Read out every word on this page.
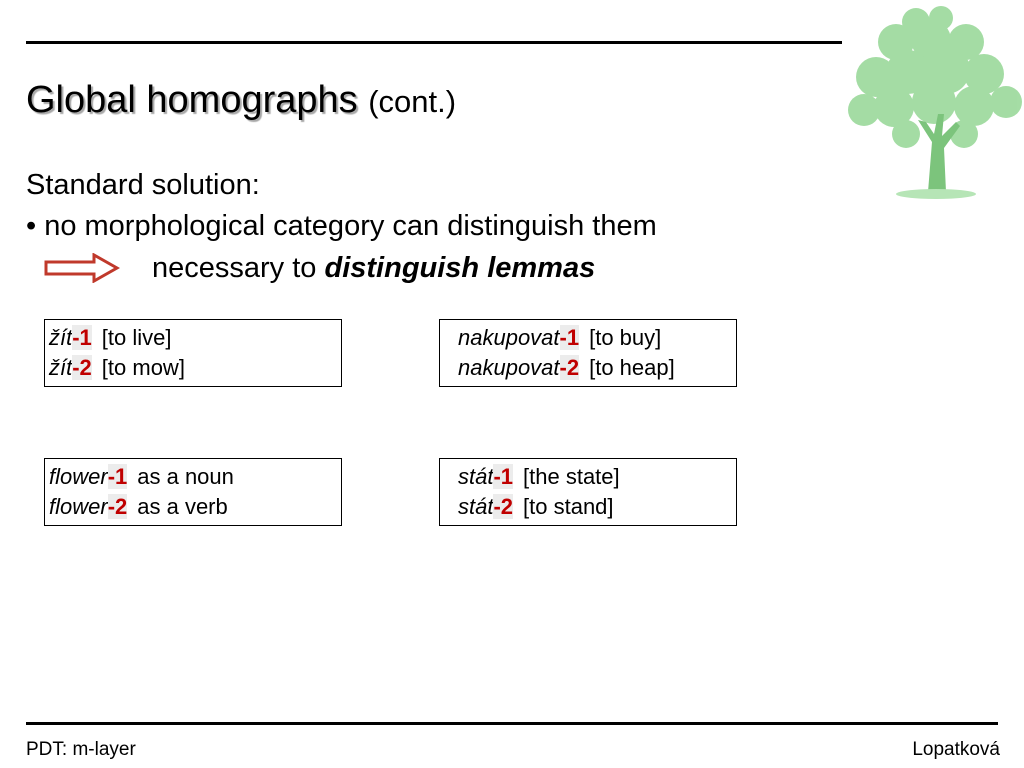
Global homographs (cont.)
Standard solution:
• no morphological category can distinguish them
necessary to distinguish lemmas
žít-1 [to live]
žít-2 [to mow]
nakupovat-1 [to buy]
nakupovat-2 [to heap]
flower-1 as a noun
flower-2 as a verb
stát-1 [the state]
stát-2 [to stand]
PDT: m-layer	Lopatková
